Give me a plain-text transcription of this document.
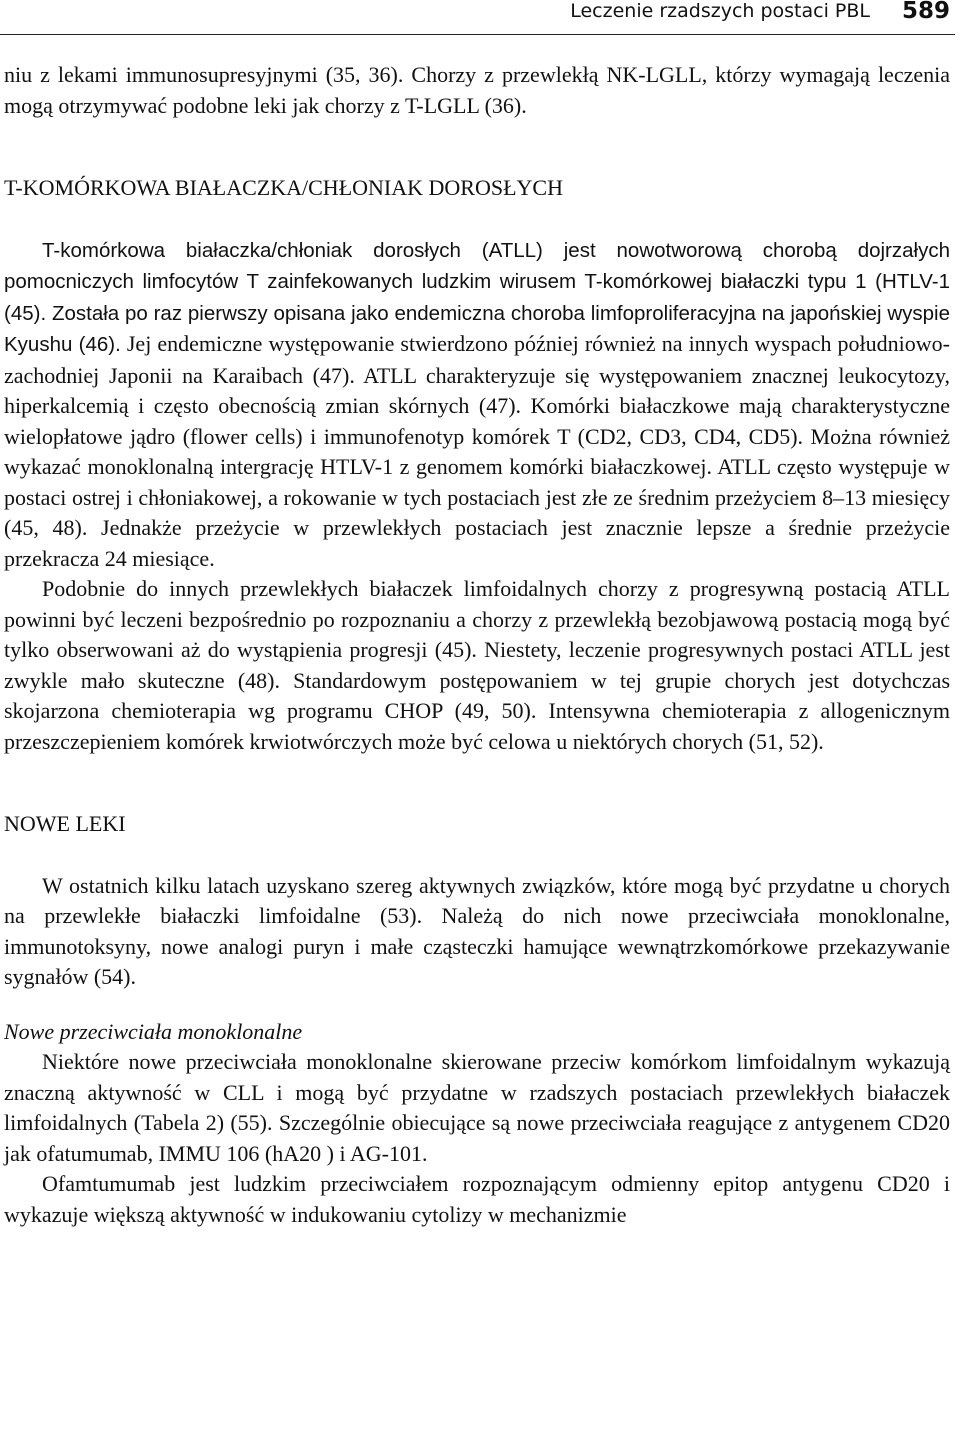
Leczenie rzadszych postaci PBL 589

niu z lekami immunosupresyjnymi (35, 36). Chorzy z przewlekłą NK-LGLL, którzy wymagają leczenia mogą otrzymywać podobne leki jak chorzy z T-LGLL (36).

T-KOMÓRKOWA BIAŁACZKA/CHŁONIAK DOROSŁYCH

T-komórkowa białaczka/chłoniak dorosłych (ATLL) jest nowotworową chorobą dojrzałych pomocniczych limfocytów T zainfekowanych ludzkim wirusem T-komórkowej białaczki typu 1 (HTLV-1 (45). Została po raz pierwszy opisana jako endemiczna choroba limfoproliferacyjna na japońskiej wyspie Kyushu (46). Jej endemiczne występowanie stwierdzono później również na innych wyspach południowo-zachodniej Japonii na Karaibach (47). ATLL charakteryzuje się występowaniem znacznej leukocytozy, hiperkalcemią i często obecnością zmian skórnych (47). Komórki białaczkowe mają charakterystyczne wielopłatowe jądro (flower cells) i immunofenotyp komórek T (CD2, CD3, CD4, CD5). Można również wykazać monoklonalną intergrację HTLV-1 z genomem komórki białaczkowej. ATLL często występuje w postaci ostrej i chłoniakowej, a rokowanie w tych postaciach jest złe ze średnim przeżyciem 8–13 miesięcy (45, 48). Jednakże przeżycie w przewlekłych postaciach jest znacznie lepsze a średnie przeżycie przekracza 24 miesiące.

Podobnie do innych przewlekłych białaczek limfoidalnych chorzy z progresywną postacią ATLL powinni być leczeni bezpośrednio po rozpoznaniu a chorzy z przewlekłą bezobjawową postacią mogą być tylko obserwowani aż do wystąpienia progresji (45). Niestety, leczenie progresywnych postaci ATLL jest zwykle mało skuteczne (48). Standardowym postępowaniem w tej grupie chorych jest dotychczas skojarzona chemioterapia wg programu CHOP (49, 50). Intensywna chemioterapia z allogenicznym przeszczepieniem komórek krwiotwórczych może być celowa u niektórych chorych (51, 52).

NOWE LEKI

W ostatnich kilku latach uzyskano szereg aktywnych związków, które mogą być przydatne u chorych na przewlekłe białaczki limfoidalne (53). Należą do nich nowe przeciwciała monoklonalne, immunotoksyny, nowe analogi puryn i małe cząsteczki hamujące wewnątrzkomórkowe przekazywanie sygnałów (54).

Nowe przeciwciała monoklonalne

Niektóre nowe przeciwciała monoklonalne skierowane przeciw komórkom limfoidalnym wykazują znaczną aktywność w CLL i mogą być przydatne w rzadszych postaciach przewlekłych białaczek limfoidalnych (Tabela 2) (55). Szczególnie obiecujące są nowe przeciwciała reagujące z antygenem CD20 jak ofatumumab, IMMU 106 (hA20 ) i AG-101.

Ofamtumumab jest ludzkim przeciwciałem rozpoznającym odmienny epitop antygenu CD20 i wykazuje większą aktywność w indukowaniu cytolizy w mechanizmie
